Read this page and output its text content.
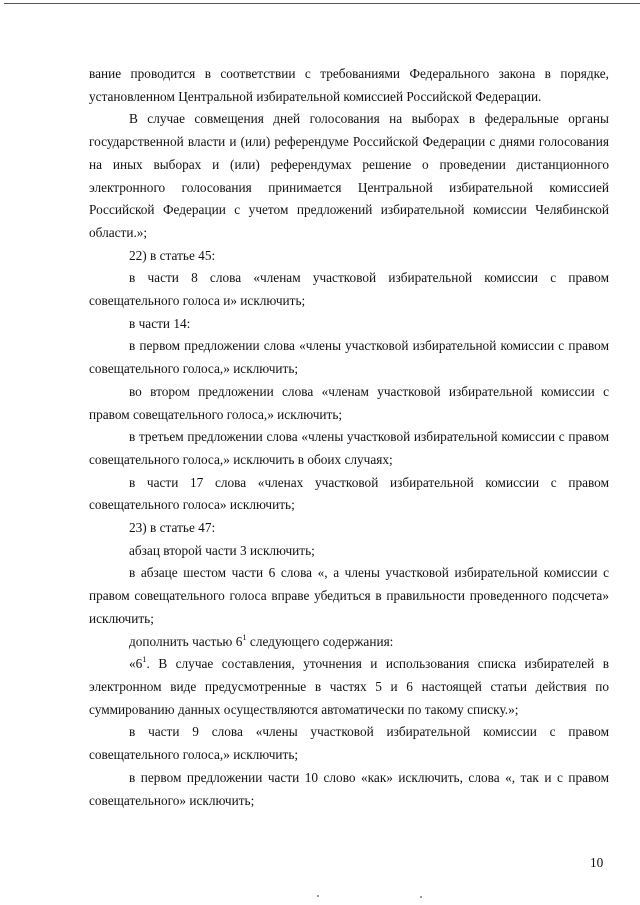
вание проводится в соответствии с требованиями Федерального закона в порядке, установленном Центральной избирательной комиссией Российской Федерации.

В случае совмещения дней голосования на выборах в федеральные органы государственной власти и (или) референдуме Российской Федерации с днями голосования на иных выборах и (или) референдумах решение о проведении дистанционного электронного голосования принимается Центральной избирательной комиссией Российской Федерации с учетом предложений избирательной комиссии Челябинской области.»;

22) в статье 45:

в части 8 слова «членам участковой избирательной комиссии с правом совещательного голоса и» исключить;

в части 14:

в первом предложении слова «члены участковой избирательной комиссии с правом совещательного голоса,» исключить;

во втором предложении слова «членам участковой избирательной комиссии с правом совещательного голоса,» исключить;

в третьем предложении слова «члены участковой избирательной комиссии с правом совещательного голоса,» исключить в обоих случаях;

в части 17 слова «членах участковой избирательной комиссии с правом совещательного голоса» исключить;

23) в статье 47:

абзац второй части 3 исключить;

в абзаце шестом части 6 слова «, а члены участковой избирательной комиссии с правом совещательного голоса вправе убедиться в правильности проведенного подсчета» исключить;

дополнить частью $6^1$ следующего содержания:

«$6^1$. В случае составления, уточнения и использования списка избирателей в электронном виде предусмотренные в частях 5 и 6 настоящей статьи действия по суммированию данных осуществляются автоматически по такому списку.»;

в части 9 слова «члены участковой избирательной комиссии с правом совещательного голоса,» исключить;

в первом предложении части 10 слово «как» исключить, слова «, так и с правом совещательного» исключить;

10
